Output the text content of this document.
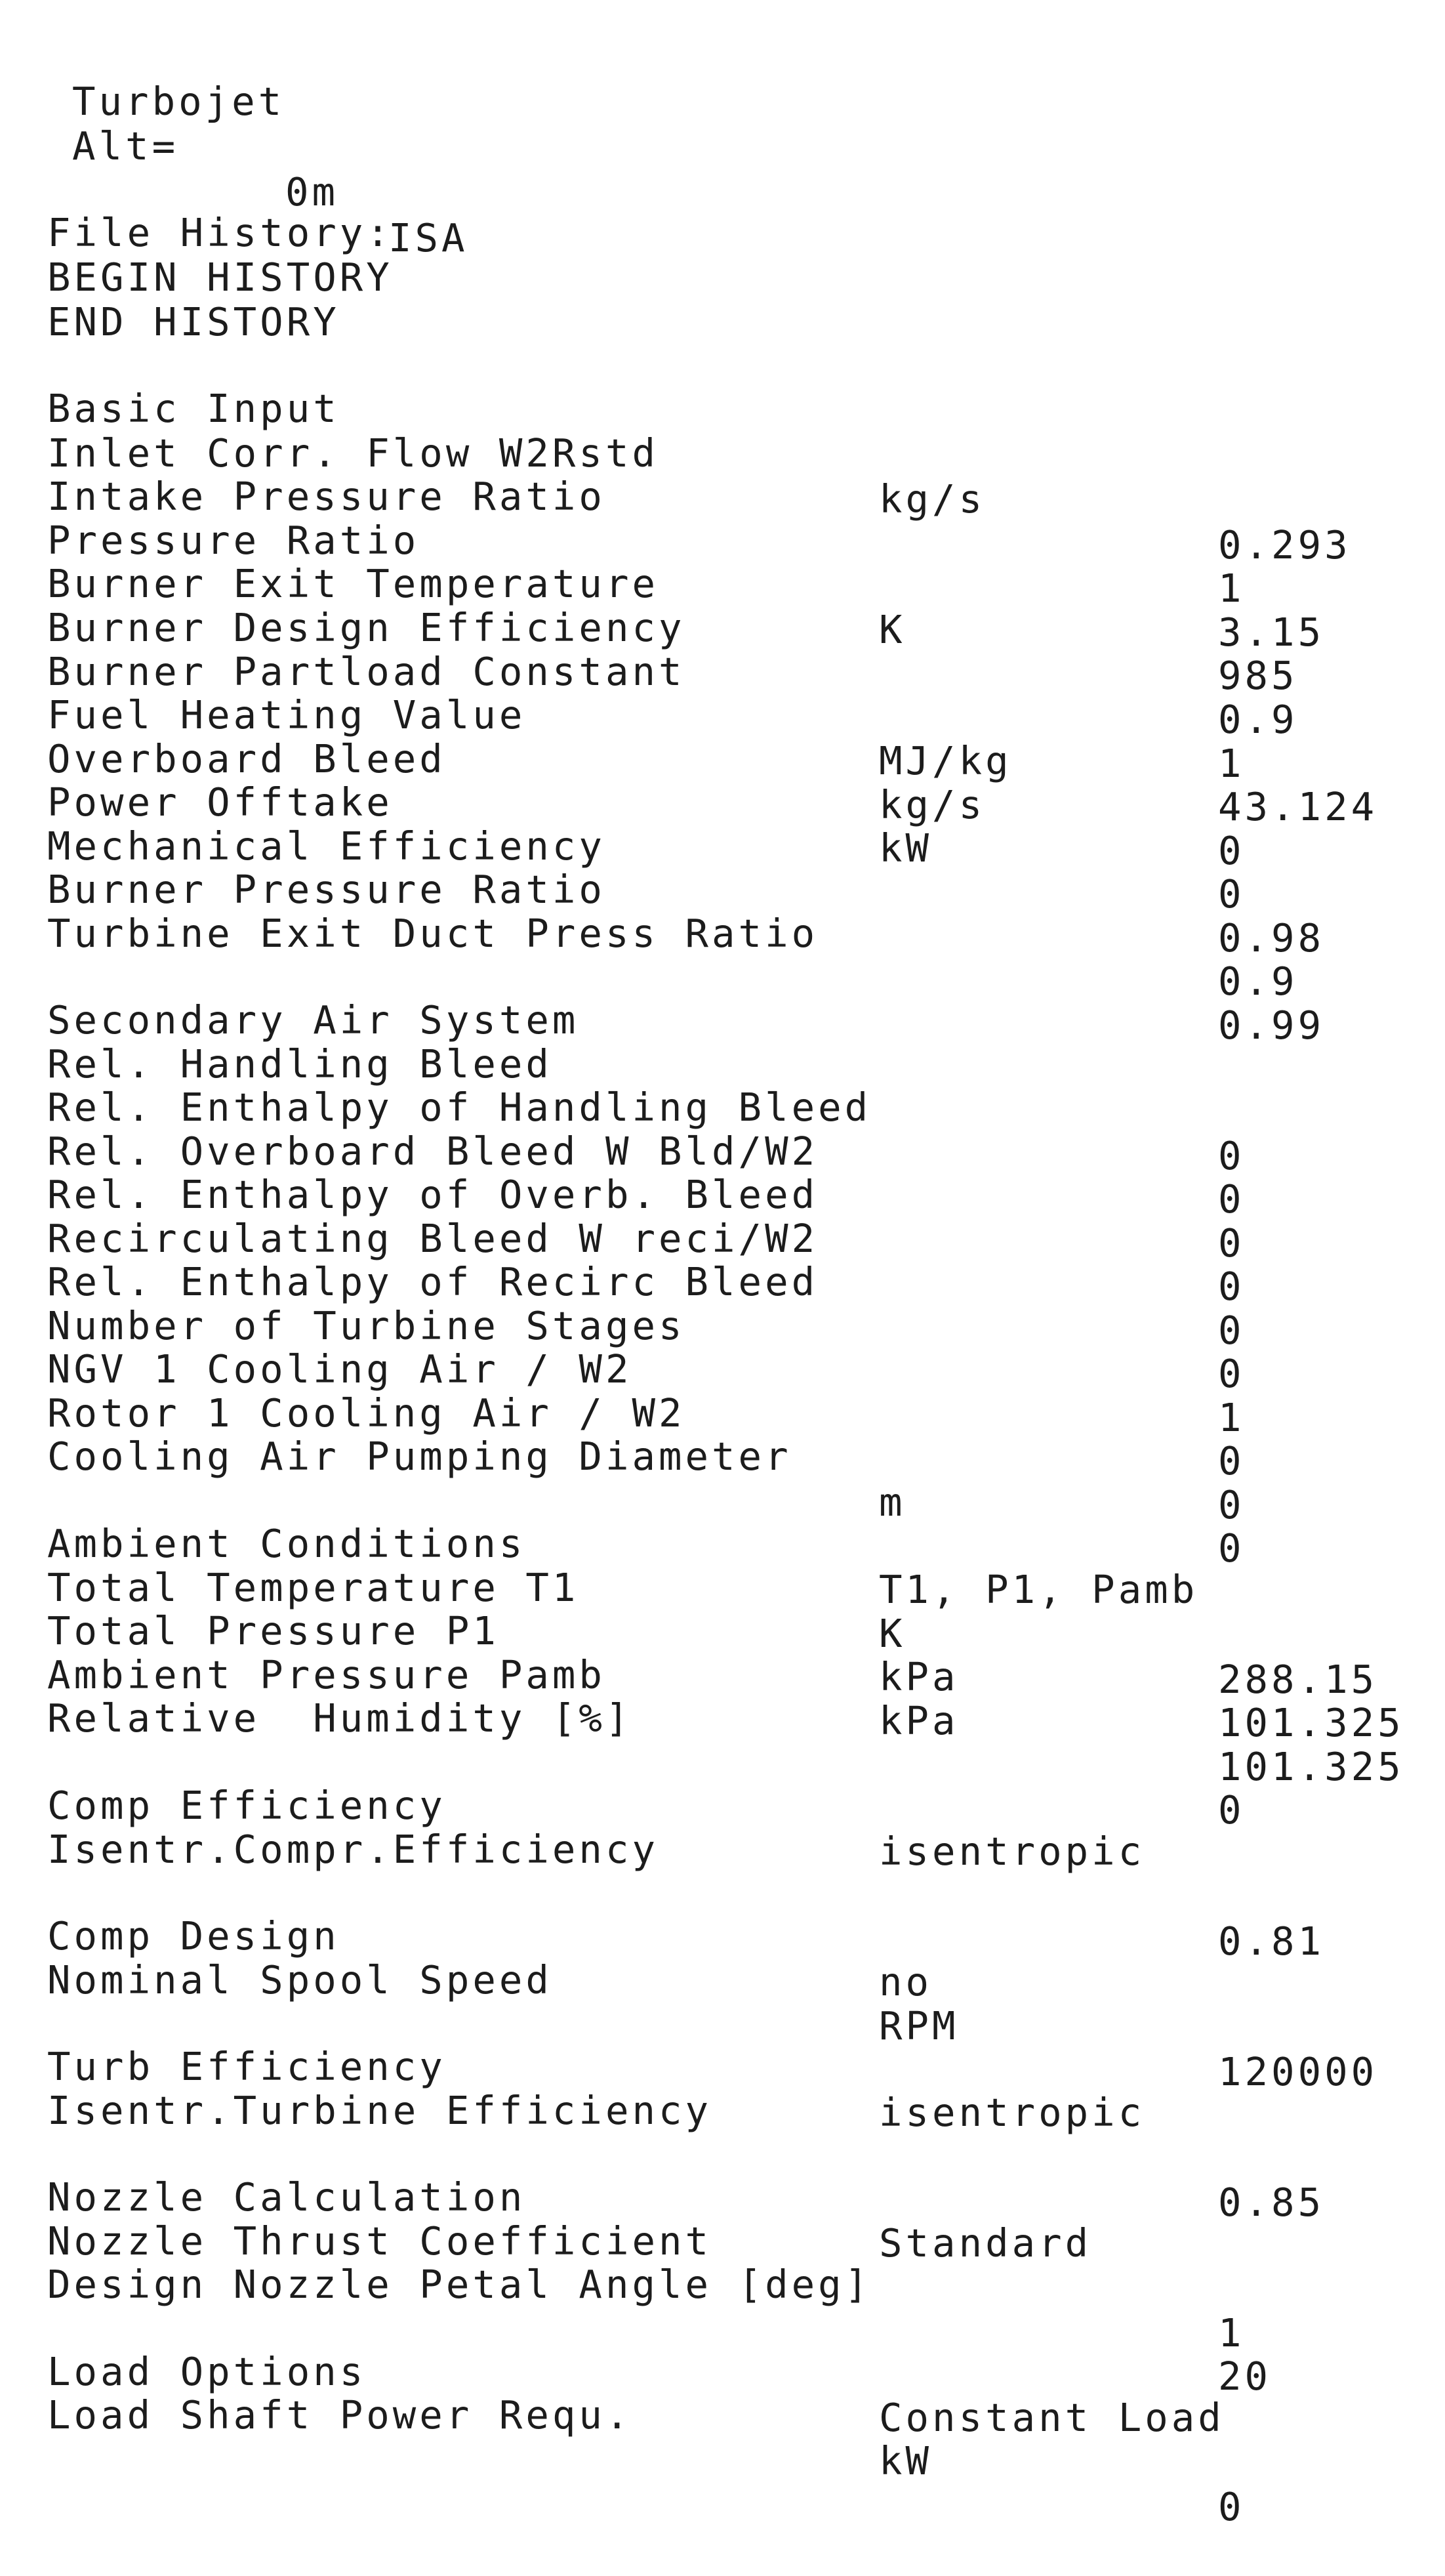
Turbojet

Alt=

0m

ISA

File History:

BEGIN HISTORY

END HISTORY

Basic Input

Inlet Corr. Flow W2Rstd

kg/s

0.293

Intake Pressure Ratio

1

Pressure Ratio

3.15

Burner Exit Temperature

K

985

Burner Design Efficiency

0.9

Burner Partload Constant

1

Fuel Heating Value

MJ/kg

43.124

Overboard Bleed

kg/s

0

Power Offtake

kW

0

Mechanical Efficiency

0.98

Burner Pressure Ratio

0.9

Turbine Exit Duct Press Ratio

0.99

Secondary Air System

Rel. Handling Bleed

0

Rel. Enthalpy of Handling Bleed

0

Rel. Overboard Bleed W Bld/W2

0

Rel. Enthalpy of Overb. Bleed

0

Recirculating Bleed W reci/W2

0

Rel. Enthalpy of Recirc Bleed

0

Number of Turbine Stages

1

NGV 1 Cooling Air / W2

0

Rotor 1 Cooling Air / W2

0

Cooling Air Pumping Diameter

m

0

Ambient Conditions

T1, P1, Pamb

Total Temperature T1

K

288.15

Total Pressure P1

kPa

101.325

Ambient Pressure Pamb

kPa

101.325

Relative  Humidity [%]

0

Comp Efficiency

isentropic

Isentr.Compr.Efficiency

0.81

Comp Design

no

Nominal Spool Speed

RPM

120000

Turb Efficiency

isentropic

Isentr.Turbine Efficiency

0.85

Nozzle Calculation

Standard

Nozzle Thrust Coefficient

1

Design Nozzle Petal Angle [deg]

20

Load Options

Constant Load

Load Shaft Power Requ.

kW

0
